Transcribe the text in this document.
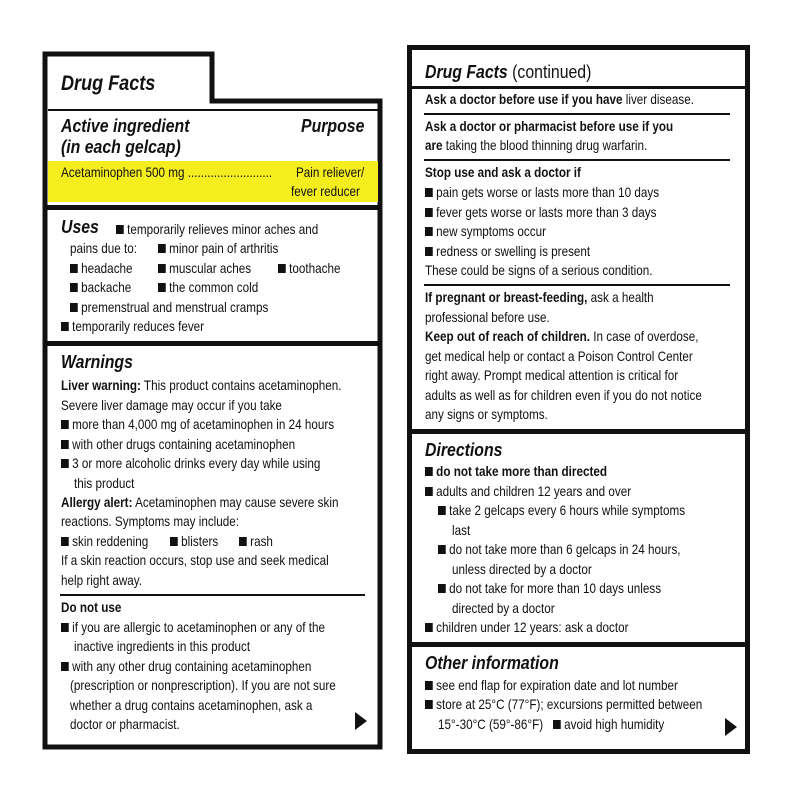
Drug Facts
Active ingredient
(in each gelcap)
Purpose
Acetaminophen 500 mg .......................... Pain reliever/
fever reducer
Uses	temporarily relieves minor aches and
pains due to:	minor pain of arthritis
headache	muscular aches	toothache
backache	the common cold
premenstrual and menstrual cramps
temporarily reduces fever
Warnings
Liver warning: This product contains acetaminophen.
Severe liver damage may occur if you take
more than 4,000 mg of acetaminophen in 24 hours
with other drugs containing acetaminophen
3 or more alcoholic drinks every day while using
this product
Allergy alert: Acetaminophen may cause severe skin
reactions. Symptoms may include:
skin reddening	blisters	rash
If a skin reaction occurs, stop use and seek medical
help right away.
Do not use
if you are allergic to acetaminophen or any of the
inactive ingredients in this product
with any other drug containing acetaminophen
(prescription or nonprescription). If you are not sure
whether a drug contains acetaminophen, ask a
doctor or pharmacist.
Drug Facts (continued)
Ask a doctor before use if you have liver disease.
Ask a doctor or pharmacist before use if you
are taking the blood thinning drug warfarin.
Stop use and ask a doctor if
pain gets worse or lasts more than 10 days
fever gets worse or lasts more than 3 days
new symptoms occur
redness or swelling is present
These could be signs of a serious condition.
If pregnant or breast-feeding, ask a health
professional before use.
Keep out of reach of children. In case of overdose,
get medical help or contact a Poison Control Center
right away. Prompt medical attention is critical for
adults as well as for children even if you do not notice
any signs or symptoms.
Directions
do not take more than directed
adults and children 12 years and over
take 2 gelcaps every 6 hours while symptoms
last
do not take more than 6 gelcaps in 24 hours,
unless directed by a doctor
do not take for more than 10 days unless
directed by a doctor
children under 12 years: ask a doctor
Other information
see end flap for expiration date and lot number
store at 25°C (77°F); excursions permitted between
15°-30°C (59°-86°F)	avoid high humidity
